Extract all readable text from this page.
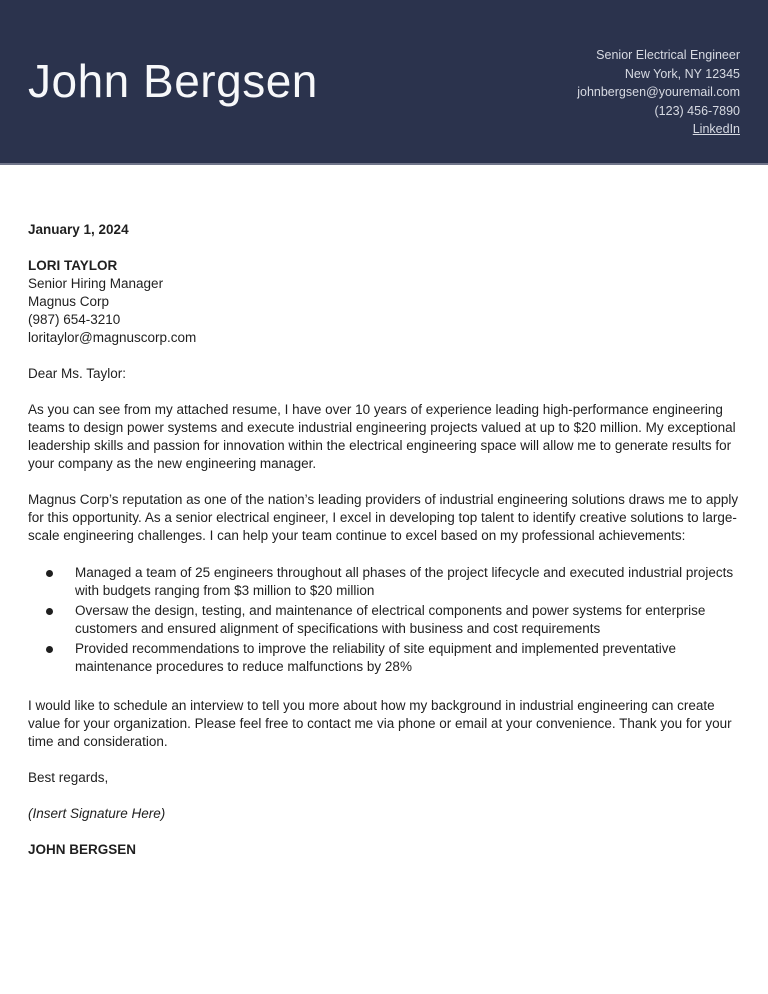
John Bergsen	Senior Electrical Engineer
New York, NY 12345
johnbergsen@youremail.com
(123) 456-7890
LinkedIn

January 1, 2024

LORI TAYLOR
Senior Hiring Manager
Magnus Corp
(987) 654-3210
loritaylor@magnuscorp.com

Dear Ms. Taylor:

As you can see from my attached resume, I have over 10 years of experience leading high-performance engineering teams to design power systems and execute industrial engineering projects valued at up to $20 million. My exceptional leadership skills and passion for innovation within the electrical engineering space will allow me to generate results for your company as the new engineering manager.

Magnus Corp’s reputation as one of the nation’s leading providers of industrial engineering solutions draws me to apply for this opportunity. As a senior electrical engineer, I excel in developing top talent to identify creative solutions to large-scale engineering challenges. I can help your team continue to excel based on my professional achievements:

Managed a team of 25 engineers throughout all phases of the project lifecycle and executed industrial projects with budgets ranging from $3 million to $20 million
Oversaw the design, testing, and maintenance of electrical components and power systems for enterprise customers and ensured alignment of specifications with business and cost requirements
Provided recommendations to improve the reliability of site equipment and implemented preventative maintenance procedures to reduce malfunctions by 28%

I would like to schedule an interview to tell you more about how my background in industrial engineering can create value for your organization. Please feel free to contact me via phone or email at your convenience. Thank you for your time and consideration.

Best regards,

(Insert Signature Here)

JOHN BERGSEN
